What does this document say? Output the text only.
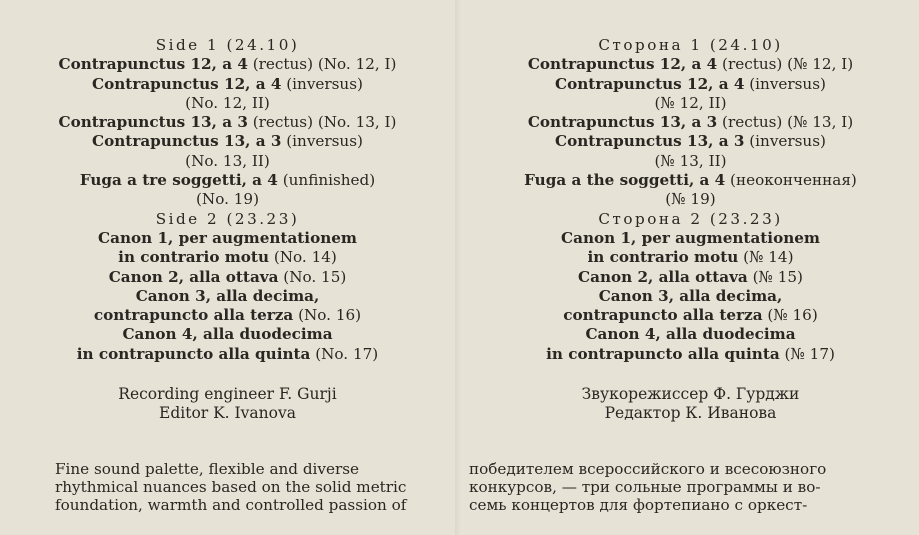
Side 1 (24.10)
Contrapunctus 12, a 4 (rectus) (No. 12, I)
Contrapunctus 12, a 4 (inversus)
(No. 12, II)
Contrapunctus 13, a 3 (rectus) (No. 13, I)
Contrapunctus 13, a 3 (inversus)
(No. 13, II)
Fuga a tre soggetti, a 4 (unfinished)
(No. 19)
Side 2 (23.23)
Canon 1, per augmentationem
in contrario motu (No. 14)
Canon 2, alla ottava (No. 15)
Canon 3, alla decima,
contrapuncto alla terza (No. 16)
Canon 4, alla duodecima
in contrapuncto alla quinta (No. 17)
Recording engineer F. Gurji
Editor K. Ivanova
Fine sound palette, flexible and diverse
rhythmical nuances based on the solid metric
foundation, warmth and controlled passion of
Сторона 1 (24.10)
Contrapunctus 12, a 4 (rectus) (№ 12, I)
Contrapunctus 12, a 4 (inversus)
(№ 12, II)
Contrapunctus 13, a 3 (rectus) (№ 13, I)
Contrapunctus 13, a 3 (inversus)
(№ 13, II)
Fuga a the soggetti, a 4 (неоконченная)
(№ 19)
Сторона 2 (23.23)
Canon 1, per augmentationem
in contrario motu (№ 14)
Canon 2, alla ottava (№ 15)
Canon 3, alla decima,
contrapuncto alla terza (№ 16)
Canon 4, alla duodecima
in contrapuncto alla quinta (№ 17)
Звукорежиссер Ф. Гурджи
Редактор К. Иванова
победителем всероссийского и всесоюзного
конкурсов, — три сольные программы и во-
семь концертов для фортепиано с оркест-
